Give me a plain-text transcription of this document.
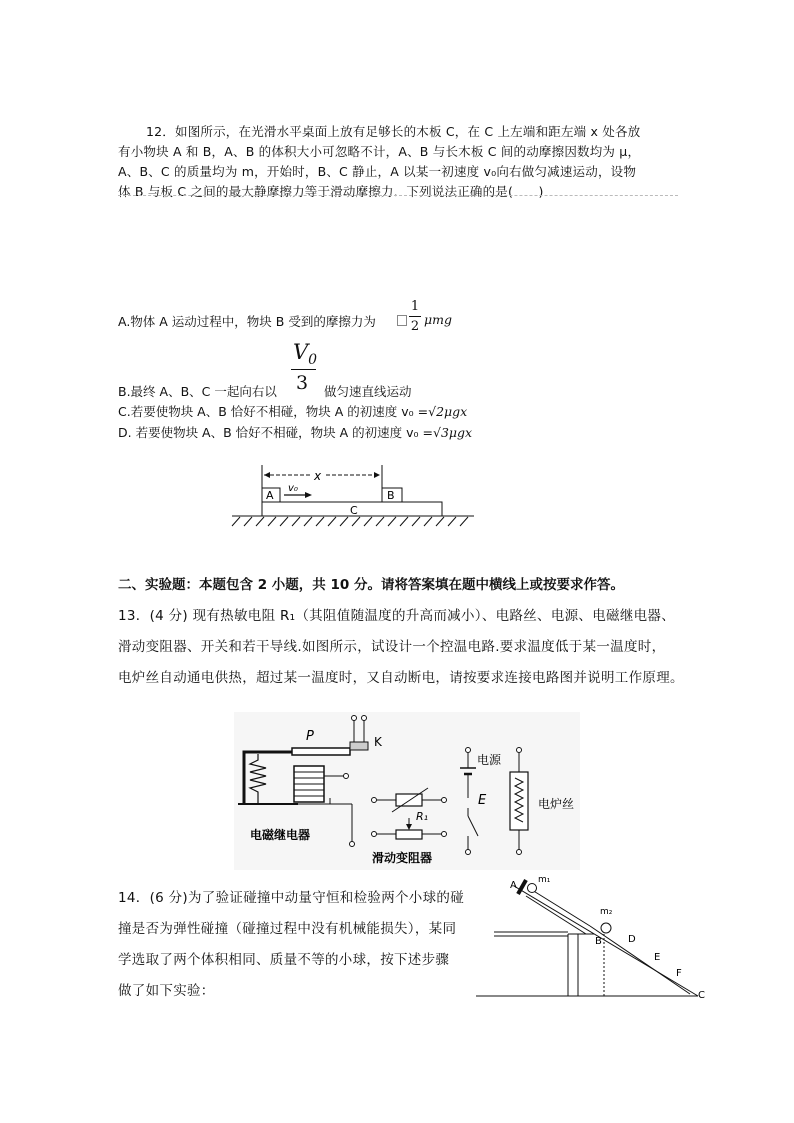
12．如图所示，在光滑水平桌面上放有足够长的木板 C，在 C 上左端和距左端 x 处各放
有小物块 A 和 B，A、B 的体积大小可忽略不计，A、B 与长木板 C 间的动摩擦因数均为 μ，
A、B、C 的质量均为 m，开始时，B、C 静止，A 以某一初速度 v₀向右做匀减速运动，设物
体 B 与板 C 之间的最大静摩擦力等于滑动摩擦力．下列说法正确的是(　　)
A.物体 A 运动过程中，物块 B 受到的摩擦力为
1
2 μmg
$V_0$
3
B.最终 A、B、C 一起向右以	做匀速直线运动
C.若要使物块 A、B 恰好不相碰，物块 A 的初速度 v₀ =√2μgx
D. 若要使物块 A、B 恰好不相碰，物块 A 的初速度 v₀ =√3μgx
x
A
v₀
B
C
二、实验题：本题包含 2 小题，共 10 分。请将答案填在题中横线上或按要求作答。
13．(4 分) 现有热敏电阻 R₁（其阻值随温度的升高而减小）、电路丝、电源、电磁继电器、
滑动变阻器、开关和若干导线.如图所示，试设计一个控温电路.要求温度低于某一温度时，
电炉丝自动通电供热，超过某一温度时，又自动断电，请按要求连接电路图并说明工作原理。
P	K
电磁继电器
R₁
滑动变阻器
电源
E	电炉丝
14．(6 分)为了验证碰撞中动量守恒和检验两个小球的碰
撞是否为弹性碰撞（碰撞过程中没有机械能损失），某同
学选取了两个体积相同、质量不等的小球，按下述步骤
做了如下实验：
A m₁
m₂
B	D
E
F
C
